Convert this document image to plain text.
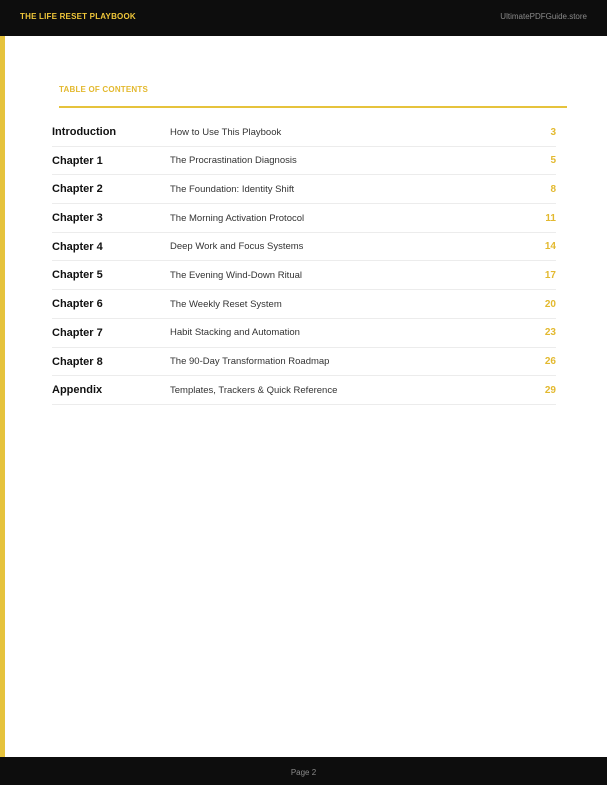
THE LIFE RESET PLAYBOOK	UltimatePDFGuide.store
TABLE OF CONTENTS
Introduction	How to Use This Playbook	3
Chapter 1	The Procrastination Diagnosis	5
Chapter 2	The Foundation: Identity Shift	8
Chapter 3	The Morning Activation Protocol	11
Chapter 4	Deep Work and Focus Systems	14
Chapter 5	The Evening Wind-Down Ritual	17
Chapter 6	The Weekly Reset System	20
Chapter 7	Habit Stacking and Automation	23
Chapter 8	The 90-Day Transformation Roadmap	26
Appendix	Templates, Trackers & Quick Reference	29
Page 2
